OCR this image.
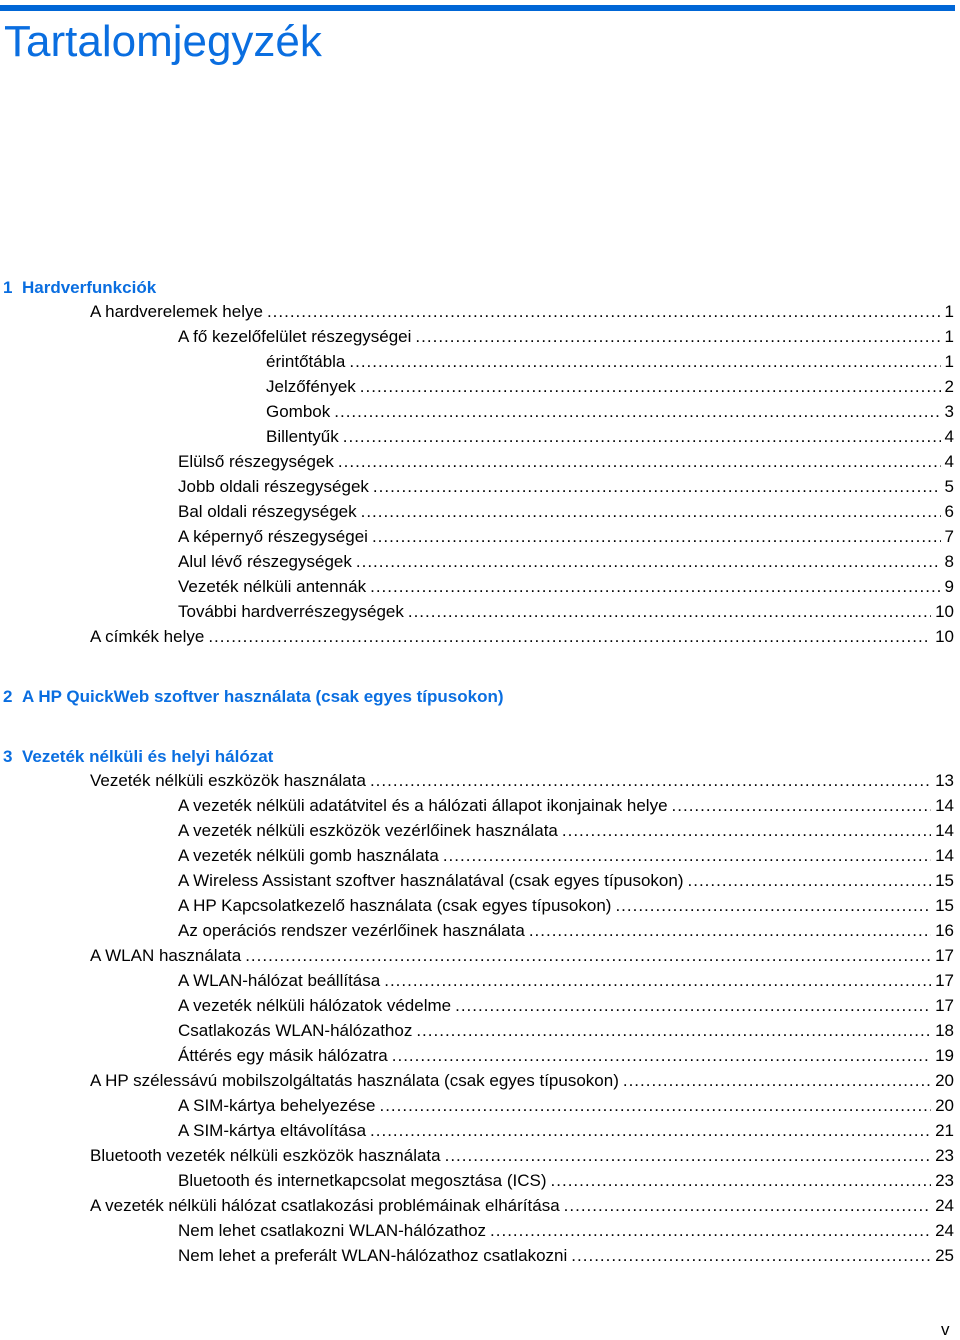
Tartalomjegyzék
1 Hardverfunkciók
A hardverelemek helye .....	1
A fő kezelőfelület részegységei .....	1
érintőtábla .....	1
Jelzőfények .....	2
Gombok .....	3
Billentyűk .....	4
Elülső részegységek .....	4
Jobb oldali részegységek .....	5
Bal oldali részegységek .....	6
A képernyő részegységei .....	7
Alul lévő részegységek .....	8
Vezeték nélküli antennák .....	9
További hardverrészegységek .....	10
A címkék helye .....	10
2 A HP QuickWeb szoftver használata (csak egyes típusokon)
3 Vezeték nélküli és helyi hálózat
Vezeték nélküli eszközök használata .....	13
A vezeték nélküli adatátvitel és a hálózati állapot ikonjainak helye .....	14
A vezeték nélküli eszközök vezérlőinek használata .....	14
A vezeték nélküli gomb használata .....	14
A Wireless Assistant szoftver használatával (csak egyes típusokon) .....	15
A HP Kapcsolatkezelő használata (csak egyes típusokon) .....	15
Az operációs rendszer vezérlőinek használata .....	16
A WLAN használata .....	17
A WLAN-hálózat beállítása .....	17
A vezeték nélküli hálózatok védelme .....	17
Csatlakozás WLAN-hálózathoz .....	18
Áttérés egy másik hálózatra .....	19
A HP szélessávú mobilszolgáltatás használata (csak egyes típusokon) .....	20
A SIM-kártya behelyezése .....	20
A SIM-kártya eltávolítása .....	21
Bluetooth vezeték nélküli eszközök használata .....	23
Bluetooth és internetkapcsolat megosztása (ICS) .....	23
A vezeték nélküli hálózat csatlakozási problémáinak elhárítása .....	24
Nem lehet csatlakozni WLAN-hálózathoz .....	24
Nem lehet a preferált WLAN-hálózathoz csatlakozni .....	25
v
